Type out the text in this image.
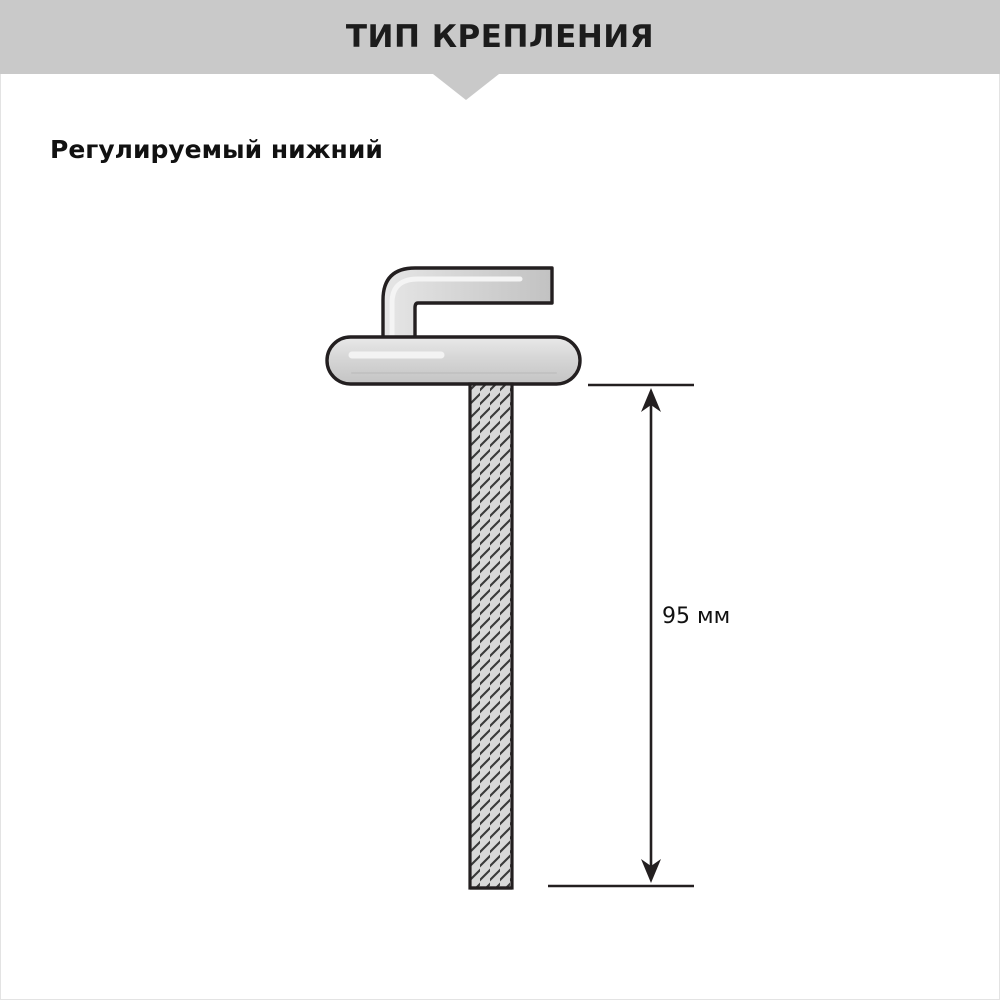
ТИП КРЕПЛЕНИЯ
Регулируемый нижний
95 мм
